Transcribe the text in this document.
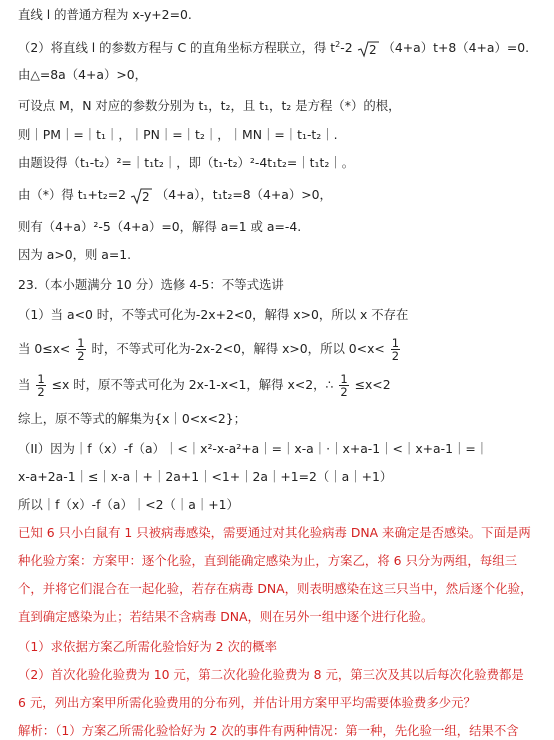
直线 l 的普通方程为 x-y+2=0.
（2）将直线 l 的参数方程与 C 的直角坐标方程联立，得 $t^2-2$ 2 （4+a）t+8（4+a）=0.
由△=8a（4+a）>0，
可设点 M，N 对应的参数分别为 t₁，t₂，且 t₁，t₂ 是方程（*）的根，
则｜PM｜=｜t₁｜，｜PN｜=｜t₂｜，｜MN｜=｜t₁-t₂｜.
由题设得（t₁-t₂）²=｜t₁t₂｜，即（t₁-t₂）²-4t₁t₂=｜t₁t₂｜。
由（*）得 t₁+t₂=2 2 （4+a），t₁t₂=8（4+a）>0，
则有（4+a）²-5（4+a）=0，解得 a=1 或 a=-4.
因为 a>0，则 a=1.
23.（本小题满分 10 分）选修 4-5：不等式选讲
（1）当 a<0 时，不等式可化为-2x+2<0，解得 x>0，所以 x 不存在
当 $0\le x< \frac{1}{2}$ 时，不等式可化为-2x-2<0，解得 x>0，所以 $0<x< \frac{1}{2}$
当 $\frac{1}{2} \le x$ 时，原不等式可化为 2x-1-x<1，解得 x<2，∴ $\frac{1}{2} \le x<2$
综上，原不等式的解集为{x｜0<x<2}；
（II）因为｜f（x）-f（a）｜<｜x²-x-a²+a｜=｜x-a｜·｜x+a-1｜<｜x+a-1｜=｜
x-a+2a-1｜≤｜x-a｜+｜2a+1｜<1+｜2a｜+1=2（｜a｜+1）
所以｜f（x）-f（a）｜<2（｜a｜+1）
已知 6 只小白鼠有 1 只被病毒感染，需要通过对其化验病毒 DNA 来确定是否感染。下面是两
种化验方案：方案甲：逐个化验，直到能确定感染为止，方案乙，将 6 只分为两组，每组三
个，并将它们混合在一起化验，若存在病毒 DNA，则表明感染在这三只当中，然后逐个化验，
直到确定感染为止；若结果不含病毒 DNA，则在另外一组中逐个进行化验。
（1）求依据方案乙所需化验恰好为 2 次的概率
（2）首次化验化验费为 10 元，第二次化验化验费为 8 元，第三次及其以后每次化验费都是
6 元，列出方案甲所需化验费用的分布列，并估计用方案甲平均需要体验费多少元？
解析：（1）方案乙所需化验恰好为 2 次的事件有两种情况：第一种，先化验一组，结果不含
